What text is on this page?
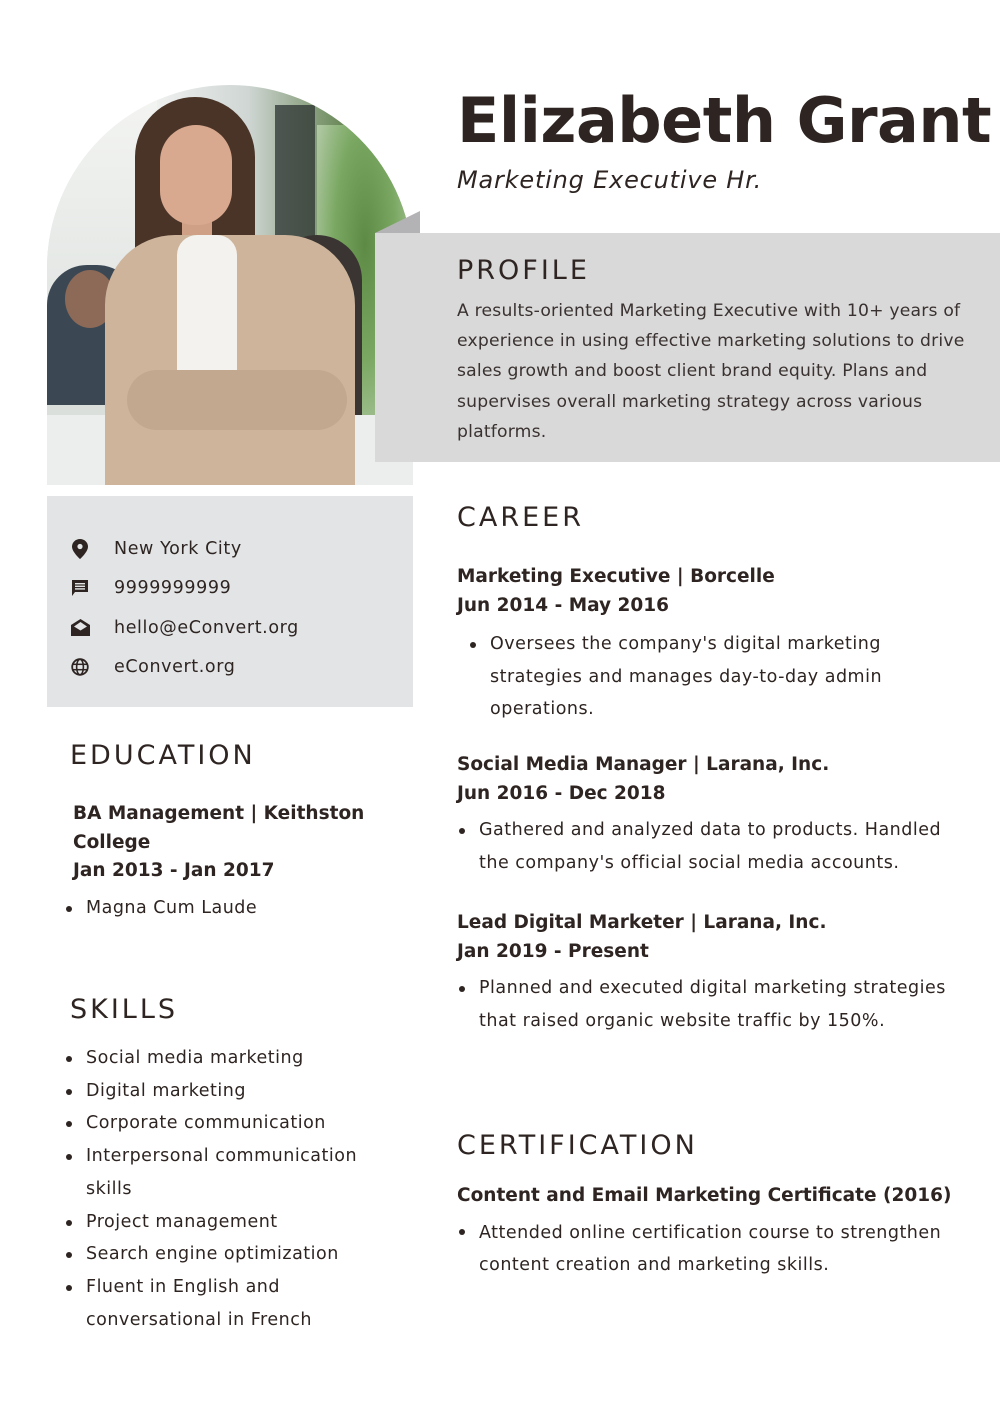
Elizabeth Grant
Marketing Executive Hr.
PROFILE

A results-oriented Marketing Executive with 10+ years of experience in using effective marketing solutions to drive sales growth and boost client brand equity. Plans and supervises overall marketing strategy across various platforms.

New York City
9999999999
hello@eConvert.org
eConvert.org
EDUCATION
BA Management | Keithston College
Jan 2013 - Jan 2017
Magna Cum Laude
SKILLS
Social media marketing
Digital marketing
Corporate communication
Interpersonal communication skills
Project management
Search engine optimization
Fluent in English and conversational in French
CAREER
Marketing Executive | Borcelle
Jun 2014 - May 2016
Oversees the company's digital marketing strategies and manages day-to-day admin operations.
Social Media Manager | Larana, Inc.
Jun 2016 - Dec 2018
Gathered and analyzed data to products. Handled the company's official social media accounts.
Lead Digital Marketer | Larana, Inc.
Jan 2019 - Present
Planned and executed digital marketing strategies that raised organic website traffic by 150%.
CERTIFICATION
Content and Email Marketing Certificate (2016)
Attended online certification course to strengthen content creation and marketing skills.
